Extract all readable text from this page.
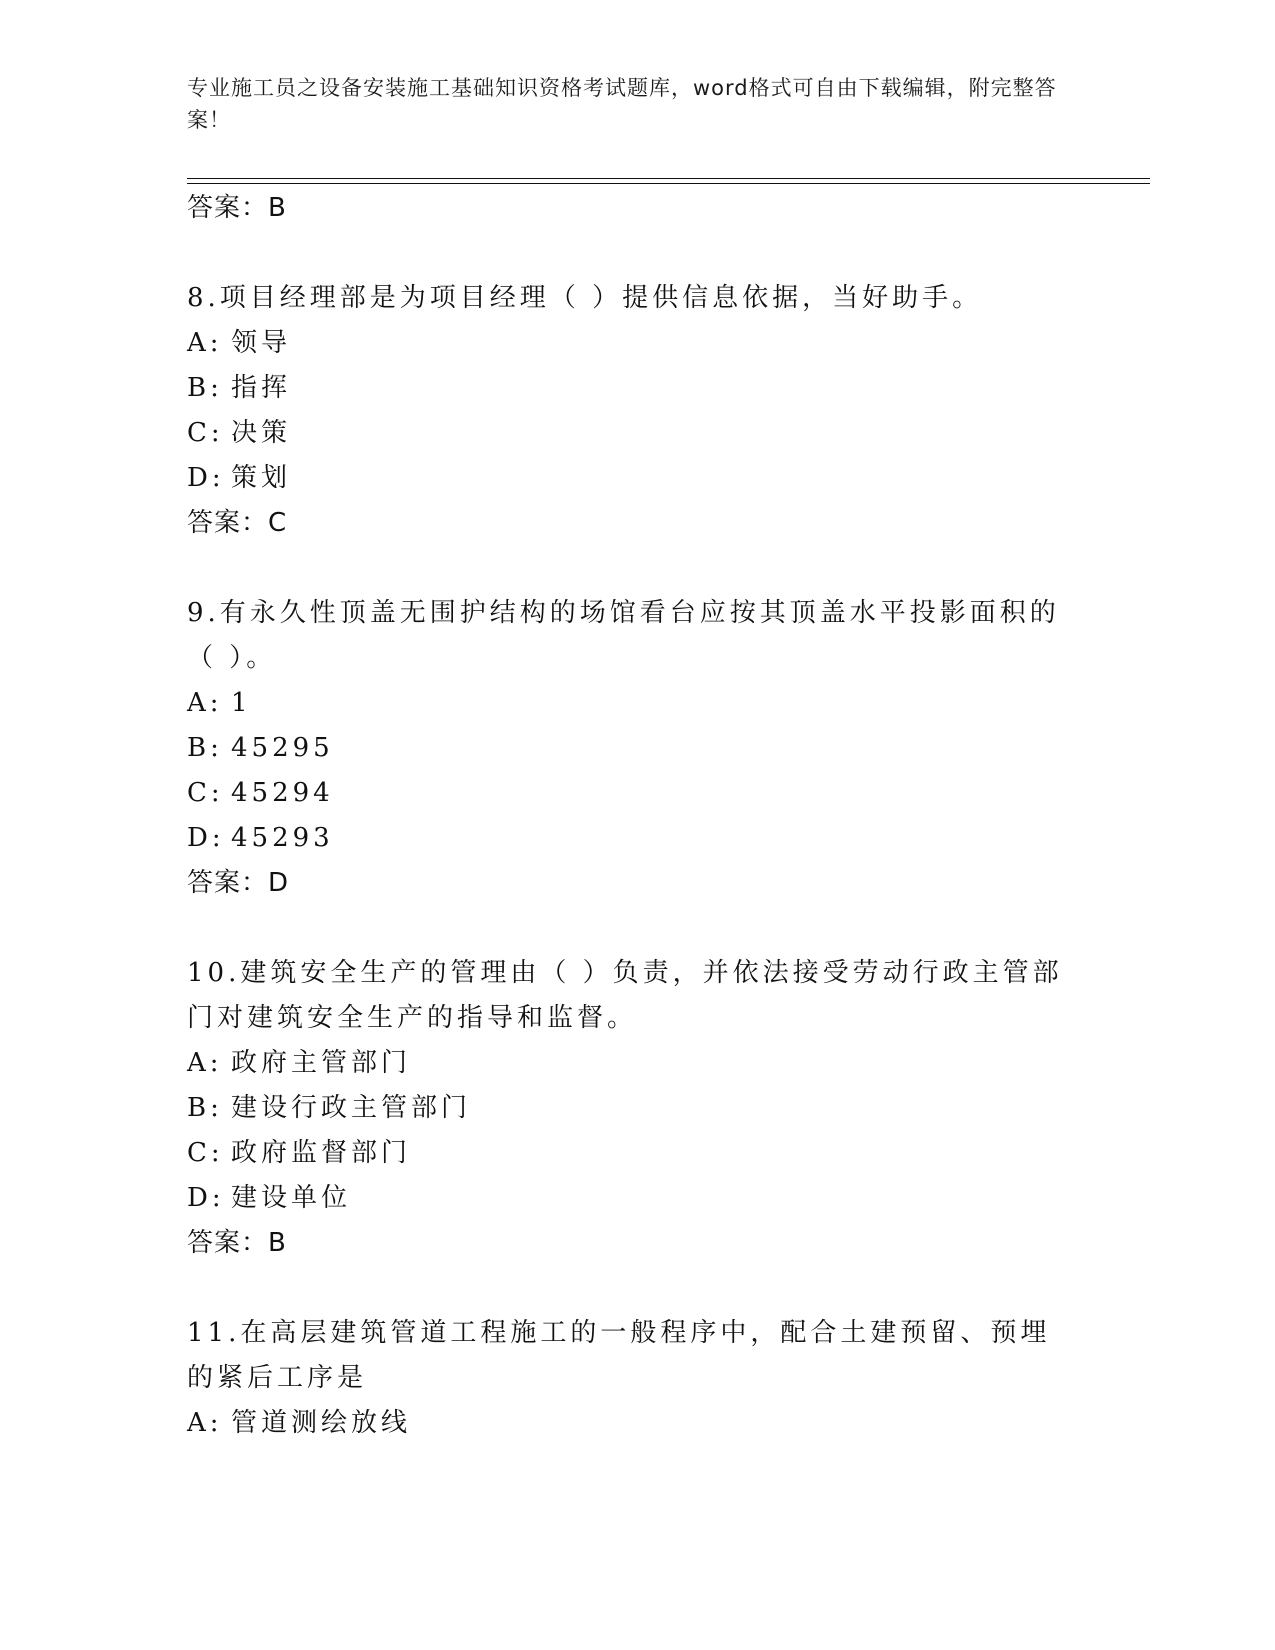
专业施工员之设备安装施工基础知识资格考试题库，word格式可自由下载编辑，附完整答案！
答案：B
8.项目经理部是为项目经理（ ）提供信息依据，当好助手。
A: 领导
B: 指挥
C: 决策
D: 策划
答案：C
9.有永久性顶盖无围护结构的场馆看台应按其顶盖水平投影面积的（ ）。
A: 1
B: 45295
C: 45294
D: 45293
答案：D
10.建筑安全生产的管理由（ ）负责，并依法接受劳动行政主管部门对建筑安全生产的指导和监督。
A: 政府主管部门
B: 建设行政主管部门
C: 政府监督部门
D: 建设单位
答案：B
11.在高层建筑管道工程施工的一般程序中，配合土建预留、预埋的紧后工序是
A: 管道测绘放线
